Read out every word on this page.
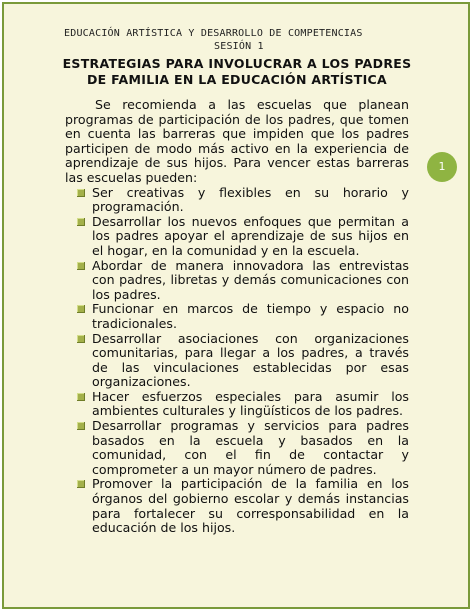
EDUCACIÓN ARTÍSTICA Y DESARROLLO DE COMPETENCIAS
SESIÓN 1
ESTRATEGIAS PARA INVOLUCRAR A LOS PADRES DE FAMILIA EN LA EDUCACIÓN ARTÍSTICA

Se recomienda a las escuelas que planean programas de participación de los padres, que tomen en cuenta las barreras que impiden que los padres participen de modo más activo en la experiencia de aprendizaje de sus hijos. Para vencer estas barreras las escuelas pueden:

Ser creativas y flexibles en su horario y programación.
Desarrollar los nuevos enfoques que permitan a los padres apoyar el aprendizaje de sus hijos en el hogar, en la comunidad y en la escuela.
Abordar de manera innovadora las entrevistas con padres, libretas y demás comunicaciones con los padres.
Funcionar en marcos de tiempo y espacio no tradicionales.
Desarrollar asociaciones con organizaciones comunitarias, para llegar a los padres, a través de las vinculaciones establecidas por esas organizaciones.
Hacer esfuerzos especiales para asumir los ambientes culturales y lingüísticos de los padres.
Desarrollar programas y servicios para padres basados en la escuela y basados en la comunidad, con el fin de contactar y comprometer a un mayor número de padres.
Promover la participación de la familia en los órganos del gobierno escolar y demás instancias para fortalecer su corresponsabilidad en la educación de los hijos.
1
